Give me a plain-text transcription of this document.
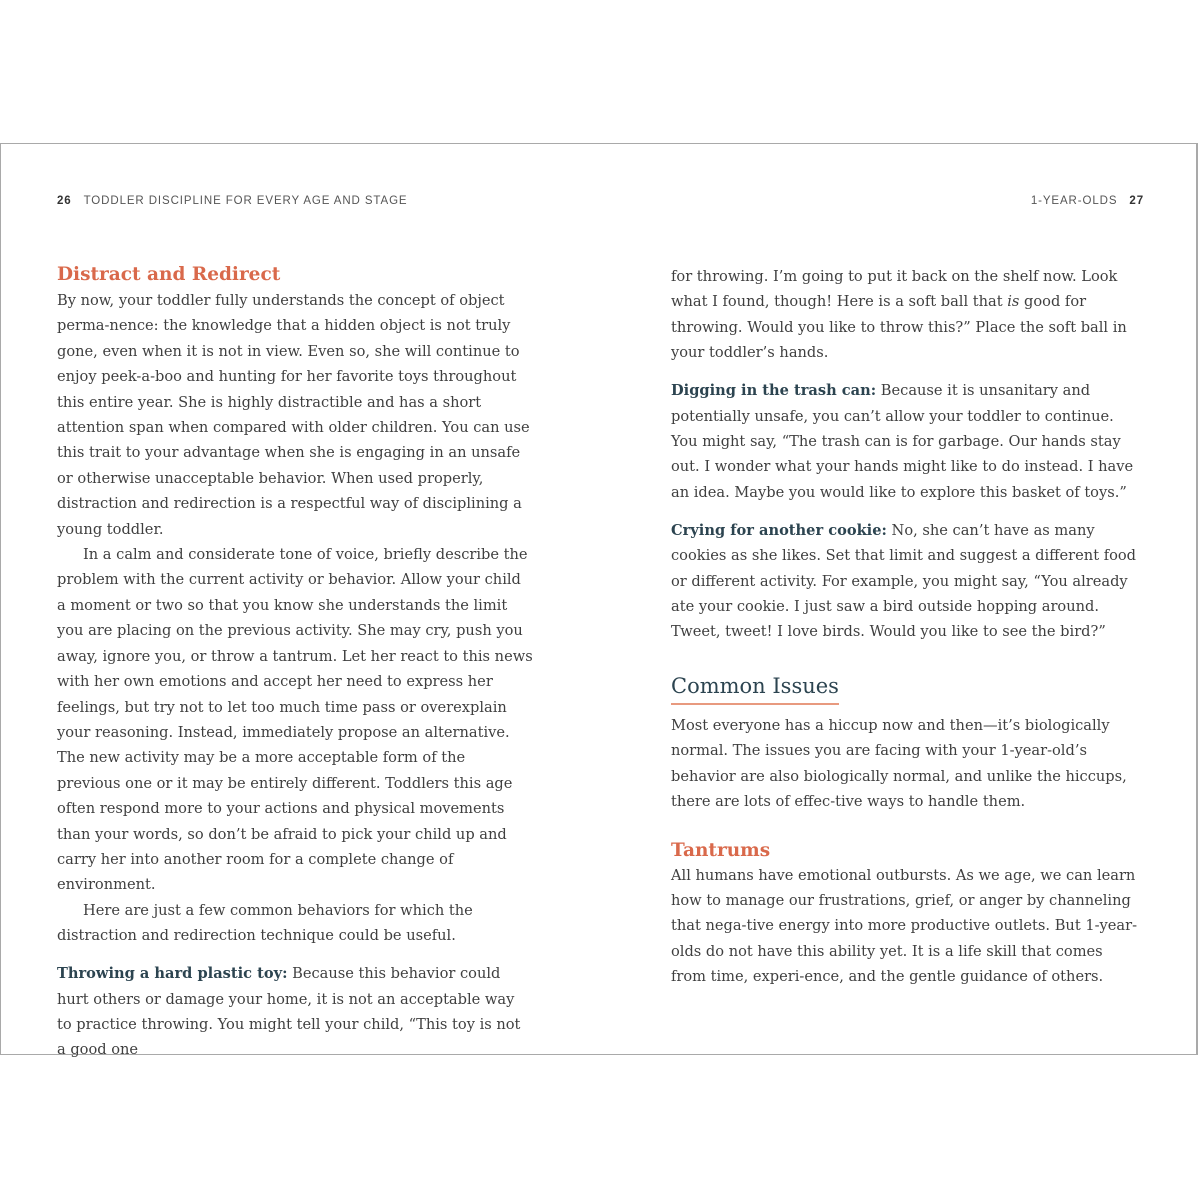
26 TODDLER DISCIPLINE FOR EVERY AGE AND STAGE	1-YEAR-OLDS 27
Distract and Redirect

By now, your toddler fully understands the concept of object perma-nence: the knowledge that a hidden object is not truly gone, even when it is not in view. Even so, she will continue to enjoy peek-a-boo and hunting for her favorite toys throughout this entire year. She is highly distractible and has a short attention span when compared with older children. You can use this trait to your advantage when she is engaging in an unsafe or otherwise unacceptable behavior. When used properly, distraction and redirection is a respectful way of disciplining a young toddler.

In a calm and considerate tone of voice, briefly describe the problem with the current activity or behavior. Allow your child a moment or two so that you know she understands the limit you are placing on the previous activity. She may cry, push you away, ignore you, or throw a tantrum. Let her react to this news with her own emotions and accept her need to express her feelings, but try not to let too much time pass or overexplain your reasoning. Instead, immediately propose an alternative. The new activity may be a more acceptable form of the previous one or it may be entirely different. Toddlers this age often respond more to your actions and physical movements than your words, so don’t be afraid to pick your child up and carry her into another room for a complete change of environment.

Here are just a few common behaviors for which the distraction and redirection technique could be useful.

Throwing a hard plastic toy: Because this behavior could hurt others or damage your home, it is not an acceptable way to practice throwing. You might tell your child, “This toy is not a good one

for throwing. I’m going to put it back on the shelf now. Look what I found, though! Here is a soft ball that is good for throwing. Would you like to throw this?” Place the soft ball in your toddler’s hands.

Digging in the trash can: Because it is unsanitary and potentially unsafe, you can’t allow your toddler to continue. You might say, “The trash can is for garbage. Our hands stay out. I wonder what your hands might like to do instead. I have an idea. Maybe you would like to explore this basket of toys.”

Crying for another cookie: No, she can’t have as many cookies as she likes. Set that limit and suggest a different food or different activity. For example, you might say, “You already ate your cookie. I just saw a bird outside hopping around. Tweet, tweet! I love birds. Would you like to see the bird?”

Common Issues

Most everyone has a hiccup now and then—it’s biologically normal. The issues you are facing with your 1-year-old’s behavior are also biologically normal, and unlike the hiccups, there are lots of effec-tive ways to handle them.

Tantrums

All humans have emotional outbursts. As we age, we can learn how to manage our frustrations, grief, or anger by channeling that nega-tive energy into more productive outlets. But 1-year-olds do not have this ability yet. It is a life skill that comes from time, experi-ence, and the gentle guidance of others.
